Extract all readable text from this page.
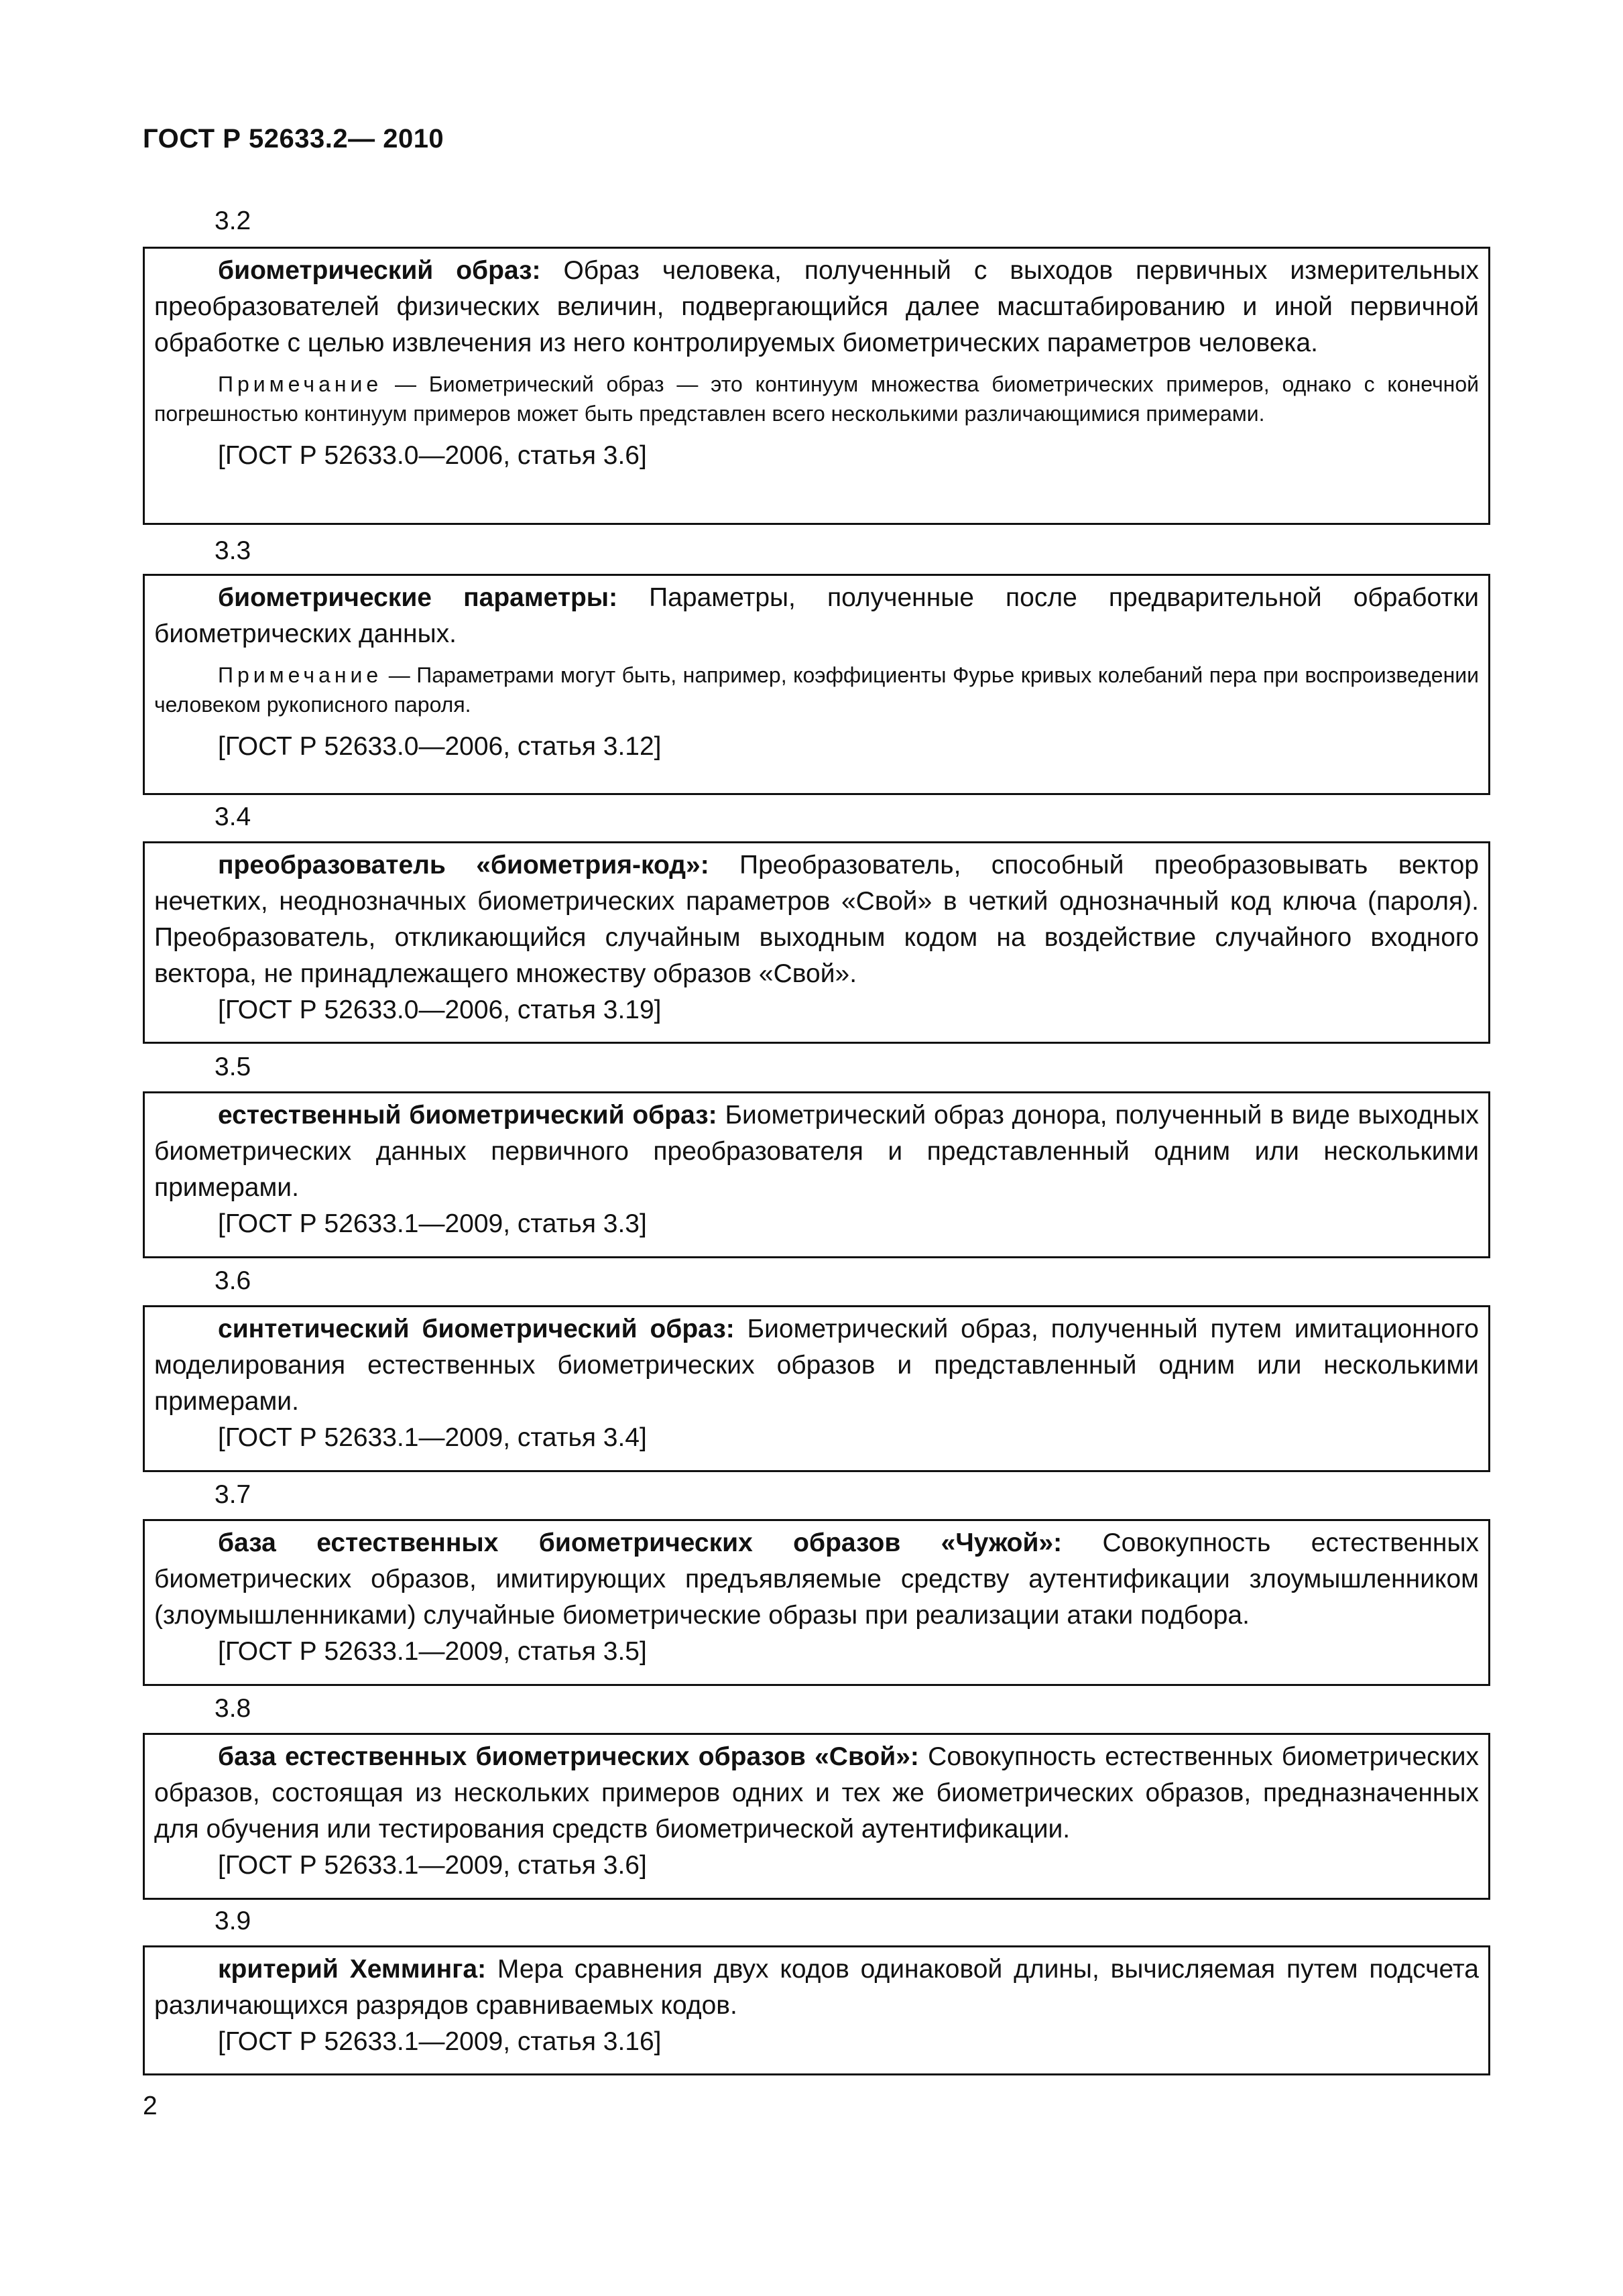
ГОСТ Р 52633.2— 2010
3.2

биометрический образ: Образ человека, полученный с выходов первичных измерительных преобразователей физических величин, подвергающийся далее масштабированию и иной первичной обработке с целью извлечения из него контролируемых биометрических параметров человека.

Примечание — Биометрический образ — это континуум множества биометрических примеров, однако с конечной погрешностью континуум примеров может быть представлен всего несколькими различающимися примерами.

[ГОСТ Р 52633.0—2006, статья 3.6]

3.3

биометрические параметры: Параметры, полученные после предварительной обработки биометрических данных.

Примечание — Параметрами могут быть, например, коэффициенты Фурье кривых колебаний пера при воспроизведении человеком рукописного пароля.

[ГОСТ Р 52633.0—2006, статья 3.12]

3.4

преобразователь «биометрия-код»: Преобразователь, способный преобразовывать вектор нечетких, неоднозначных биометрических параметров «Свой» в четкий однозначный код ключа (пароля). Преобразователь, откликающийся случайным выходным кодом на воздействие случайного входного вектора, не принадлежащего множеству образов «Свой».

[ГОСТ Р 52633.0—2006, статья 3.19]

3.5

естественный биометрический образ: Биометрический образ донора, полученный в виде выходных биометрических данных первичного преобразователя и представленный одним или несколькими примерами.

[ГОСТ Р 52633.1—2009, статья 3.3]

3.6

синтетический биометрический образ: Биометрический образ, полученный путем имитационного моделирования естественных биометрических образов и представленный одним или несколькими примерами.

[ГОСТ Р 52633.1—2009, статья 3.4]

3.7

база естественных биометрических образов «Чужой»: Совокупность естественных биометрических образов, имитирующих предъявляемые средству аутентификации злоумышленником (злоумышленниками) случайные биометрические образы при реализации атаки подбора.

[ГОСТ Р 52633.1—2009, статья 3.5]

3.8

база естественных биометрических образов «Свой»: Совокупность естественных биометрических образов, состоящая из нескольких примеров одних и тех же биометрических образов, предназначенных для обучения или тестирования средств биометрической аутентификации.

[ГОСТ Р 52633.1—2009, статья 3.6]

3.9

критерий Хемминга: Мера сравнения двух кодов одинаковой длины, вычисляемая путем подсчета различающихся разрядов сравниваемых кодов.

[ГОСТ Р 52633.1—2009, статья 3.16]

2
